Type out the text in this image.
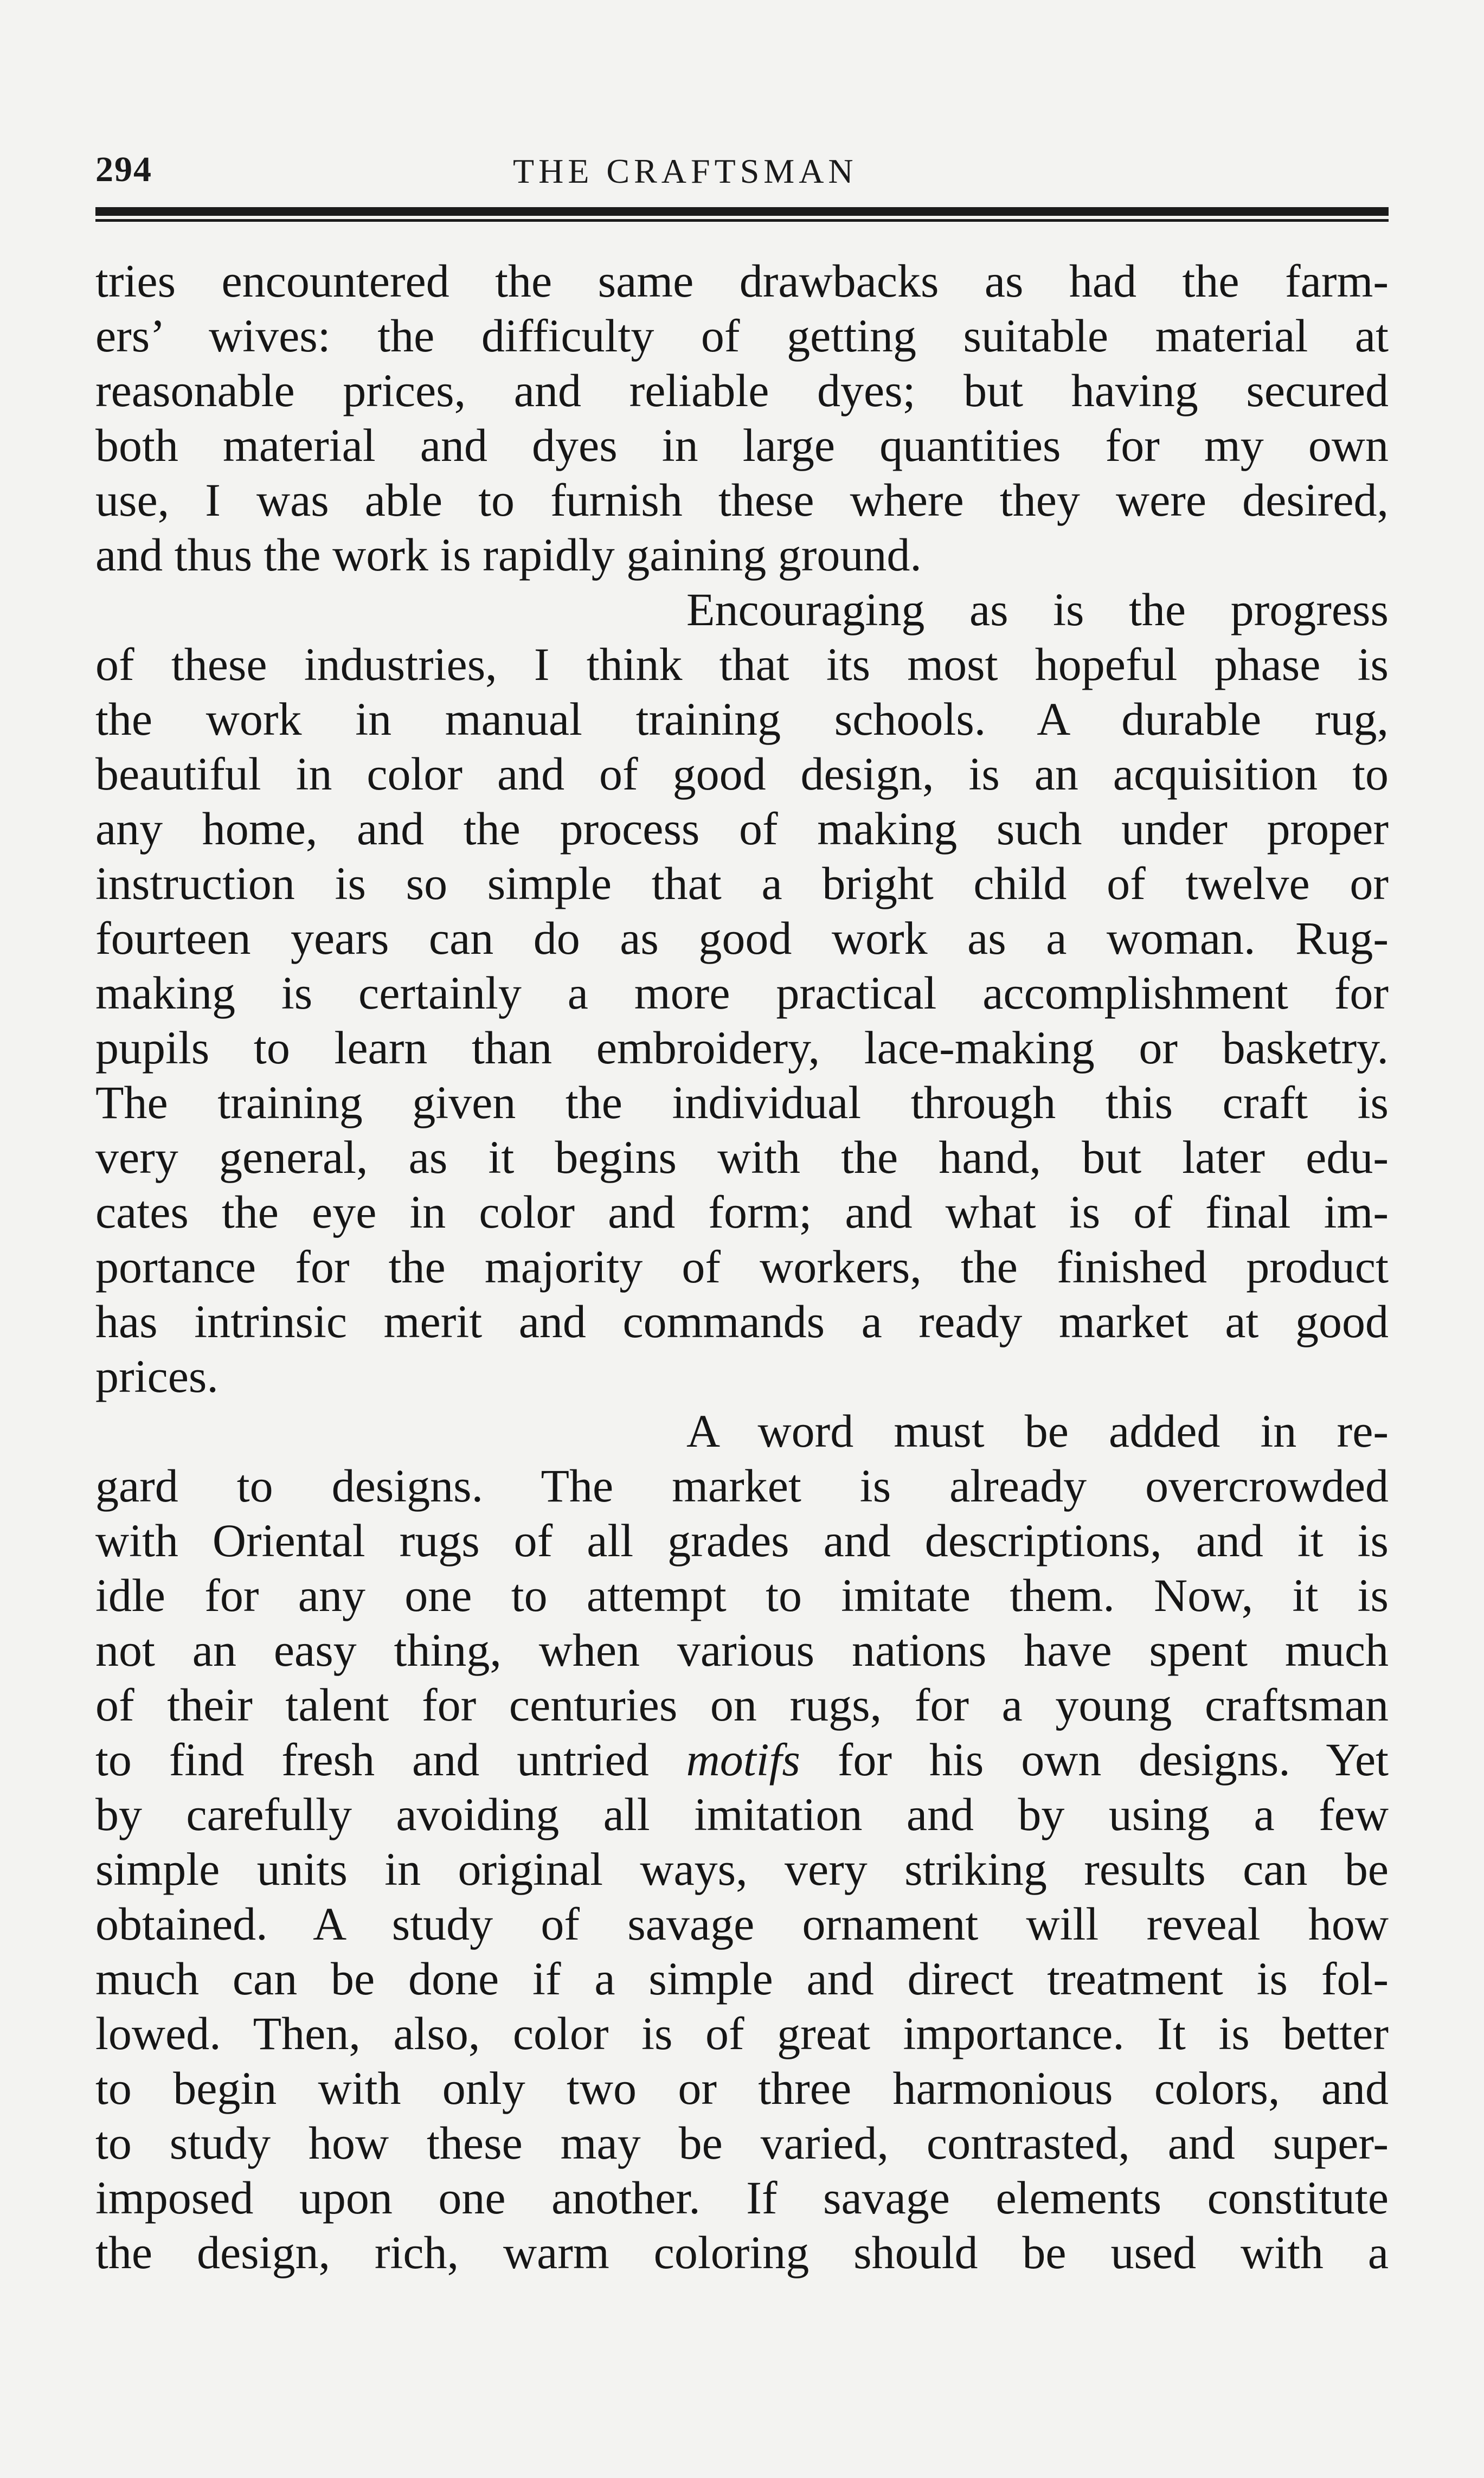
294	THE CRAFTSMAN
tries encountered the same drawbacks as had the farm-
ers’ wives: the difficulty of getting suitable material at
reasonable prices, and reliable dyes; but having secured
both material and dyes in large quantities for my own
use, I was able to furnish these where they were desired,
and thus the work is rapidly gaining ground.
Encouraging as is the progress
of these industries, I think that its most hopeful phase is
the work in manual training schools. A durable rug,
beautiful in color and of good design, is an acquisition to
any home, and the process of making such under proper
instruction is so simple that a bright child of twelve or
fourteen years can do as good work as a woman. Rug-
making is certainly a more practical accomplishment for
pupils to learn than embroidery, lace-making or basketry.
The training given the individual through this craft is
very general, as it begins with the hand, but later edu-
cates the eye in color and form; and what is of final im-
portance for the majority of workers, the finished product
has intrinsic merit and commands a ready market at good
prices.
A word must be added in re-
gard to designs. The market is already overcrowded
with Oriental rugs of all grades and descriptions, and it is
idle for any one to attempt to imitate them. Now, it is
not an easy thing, when various nations have spent much
of their talent for centuries on rugs, for a young craftsman
to find fresh and untried motifs for his own designs. Yet
by carefully avoiding all imitation and by using a few
simple units in original ways, very striking results can be
obtained. A study of savage ornament will reveal how
much can be done if a simple and direct treatment is fol-
lowed. Then, also, color is of great importance. It is better
to begin with only two or three harmonious colors, and
to study how these may be varied, contrasted, and super-
imposed upon one another. If savage elements constitute
the design, rich, warm coloring should be used with a
